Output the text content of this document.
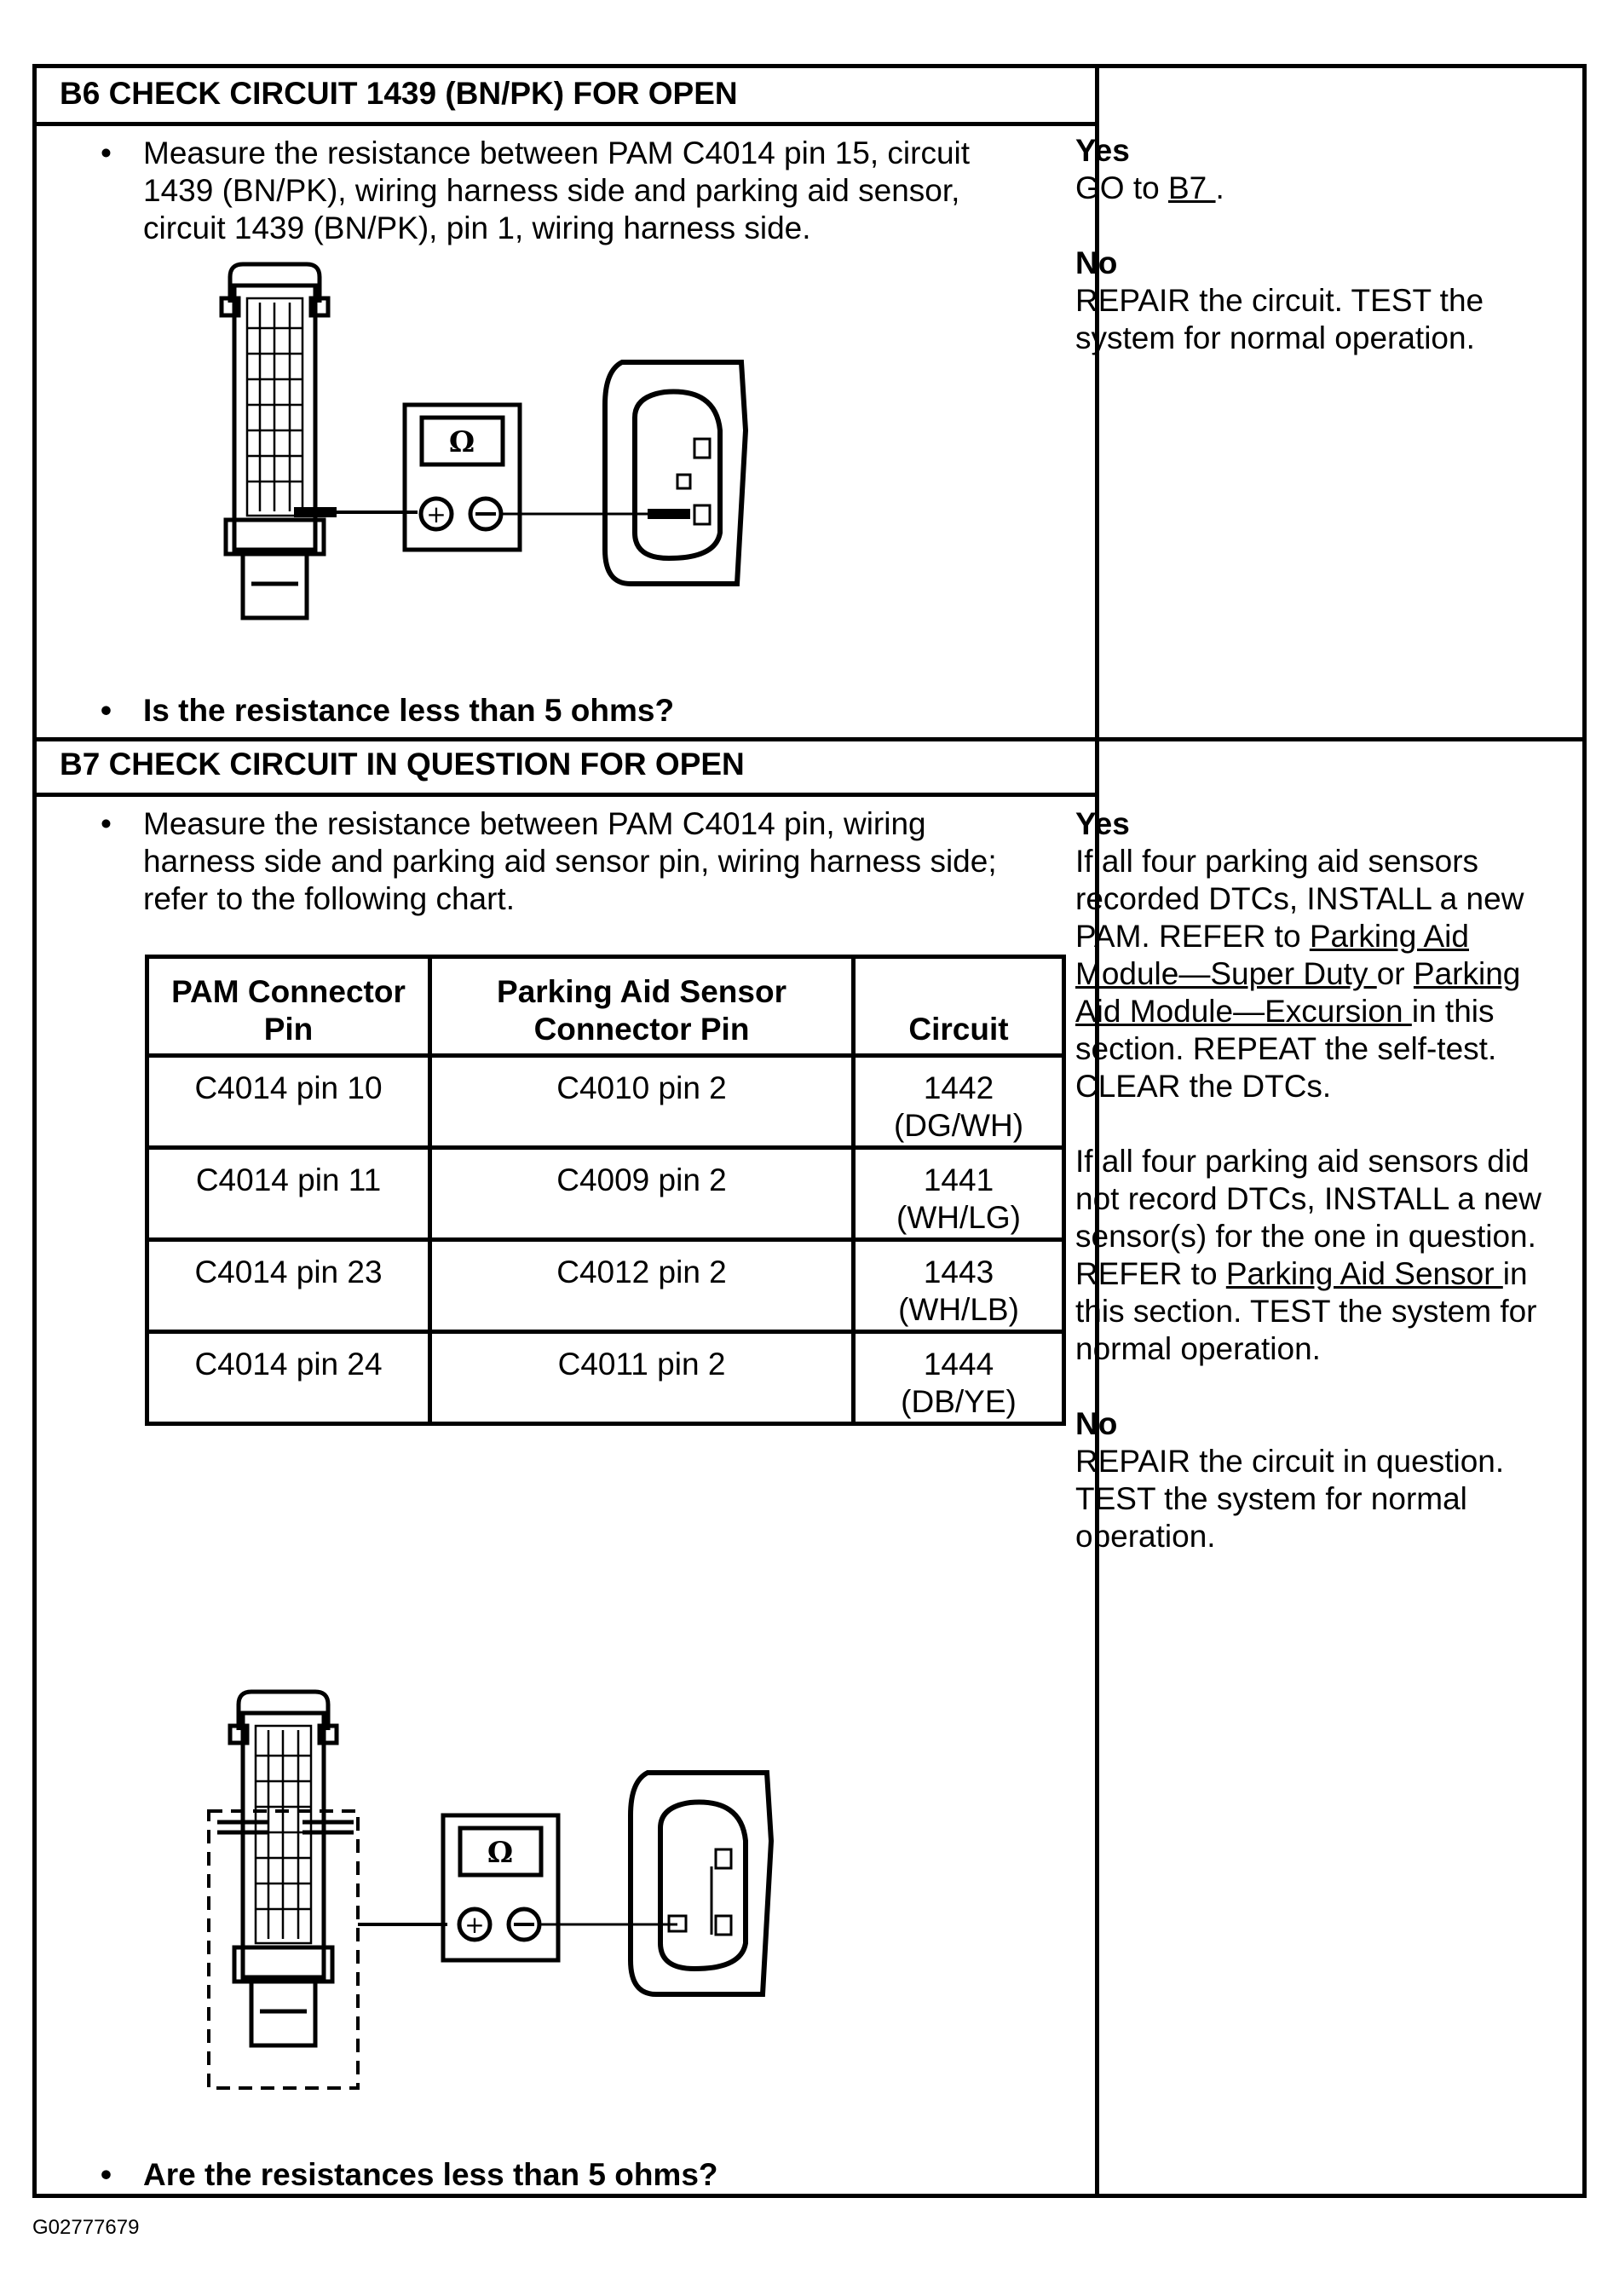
B6 CHECK CIRCUIT 1439 (BN/PK) FOR OPEN
• Measure the resistance between PAM C4014 pin 15, circuit
1439 (BN/PK), wiring harness side and parking aid sensor,
circuit 1439 (BN/PK), pin 1, wiring harness side.
Ω
+
• Is the resistance less than 5 ohms?

Yes

GO to B7 .

No

REPAIR the circuit. TEST the

system for normal operation.

B7 CHECK CIRCUIT IN QUESTION FOR OPEN
• Measure the resistance between PAM C4014 pin, wiring
harness side and parking aid sensor pin, wiring harness side;
refer to the following chart.
PAM Connector
Pin	Parking Aid Sensor
Connector Pin	Circuit
C4014 pin 10	C4010 pin 2	1442
(DG/WH)
C4014 pin 11	C4009 pin 2	1441
(WH/LG)
C4014 pin 23	C4012 pin 2	1443
(WH/LB)
C4014 pin 24	C4011 pin 2	1444
(DB/YE)
Ω
+
• Are the resistances less than 5 ohms?

Yes

If all four parking aid sensors

recorded DTCs, INSTALL a new

PAM. REFER to Parking Aid

Module—Super Duty or Parking

Aid Module—Excursion in this

section. REPEAT the self-test.

CLEAR the DTCs.

If all four parking aid sensors did

not record DTCs, INSTALL a new

sensor(s) for the one in question.

REFER to Parking Aid Sensor in

this section. TEST the system for

normal operation.

No

REPAIR the circuit in question.

TEST the system for normal

operation.

G02777679
